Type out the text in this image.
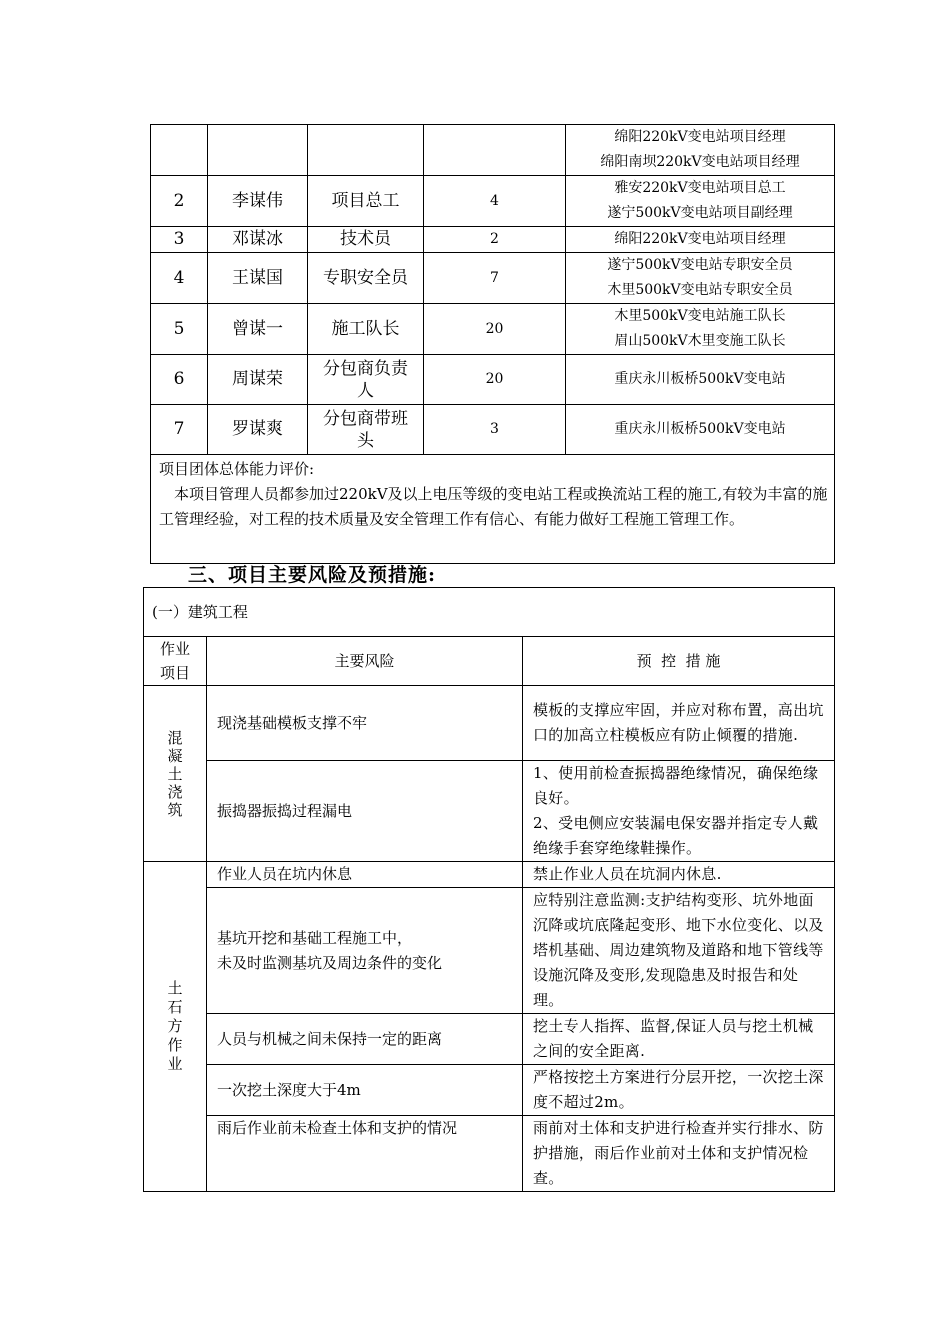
				绵阳220kV变电站项目经理
绵阳南坝220kV变电站项目经理

2	李谋伟	项目总工	4	雅安220kV变电站项目总工
遂宁500kV变电站项目副经理

3	邓谋冰	技术员	2	绵阳220kV变电站项目经理

4	王谋国	专职安全员	7	遂宁500kV变电站专职安全员
木里500kV变电站专职安全员

5	曾谋一	施工队长	20	木里500kV变电站施工队长
眉山500kV木里变施工队长

6	周谋荣	分包商负责人	20	重庆永川板桥500kV变电站

7	罗谋爽	分包商带班头	3	重庆永川板桥500kV变电站

项目团体总体能力评价:
本项目管理人员都参加过220kV及以上电压等级的变电站工程或换流站工程的施工,有较为丰富的施工管理经验，对工程的技术质量及安全管理工作有信心、有能力做好工程施工管理工作。				
三、项目主要风险及预措施:
(一）建筑工程		

作业项目	主要风险	预  控  措 施

混凝土浇筑	现浇基础模板支撑不牢	模板的支撑应牢固，并应对称布置，高出坑口的加高立柱模板应有防止倾覆的措施.

	振捣器振捣过程漏电	1、使用前检查振捣器绝缘情况，确保绝缘良好。
2、受电侧应安装漏电保安器并指定专人戴绝缘手套穿绝缘鞋操作。

土石方作业	作业人员在坑内休息	禁止作业人员在坑洞内休息.

	基坑开挖和基础工程施工中，
未及时监测基坑及周边条件的变化	应特别注意监测:支护结构变形、坑外地面沉降或坑底隆起变形、地下水位变化、以及塔机基础、周边建筑物及道路和地下管线等设施沉降及变形,发现隐患及时报告和处理。

	人员与机械之间未保持一定的距离	挖土专人指挥、监督,保证人员与挖土机械之间的安全距离.

	一次挖土深度大于4m	严格按挖土方案进行分层开挖，一次挖土深度不超过2m。

	雨后作业前未检查土体和支护的情况	雨前对土体和支护进行检查并实行排水、防护措施，雨后作业前对土体和支护情况检查。
